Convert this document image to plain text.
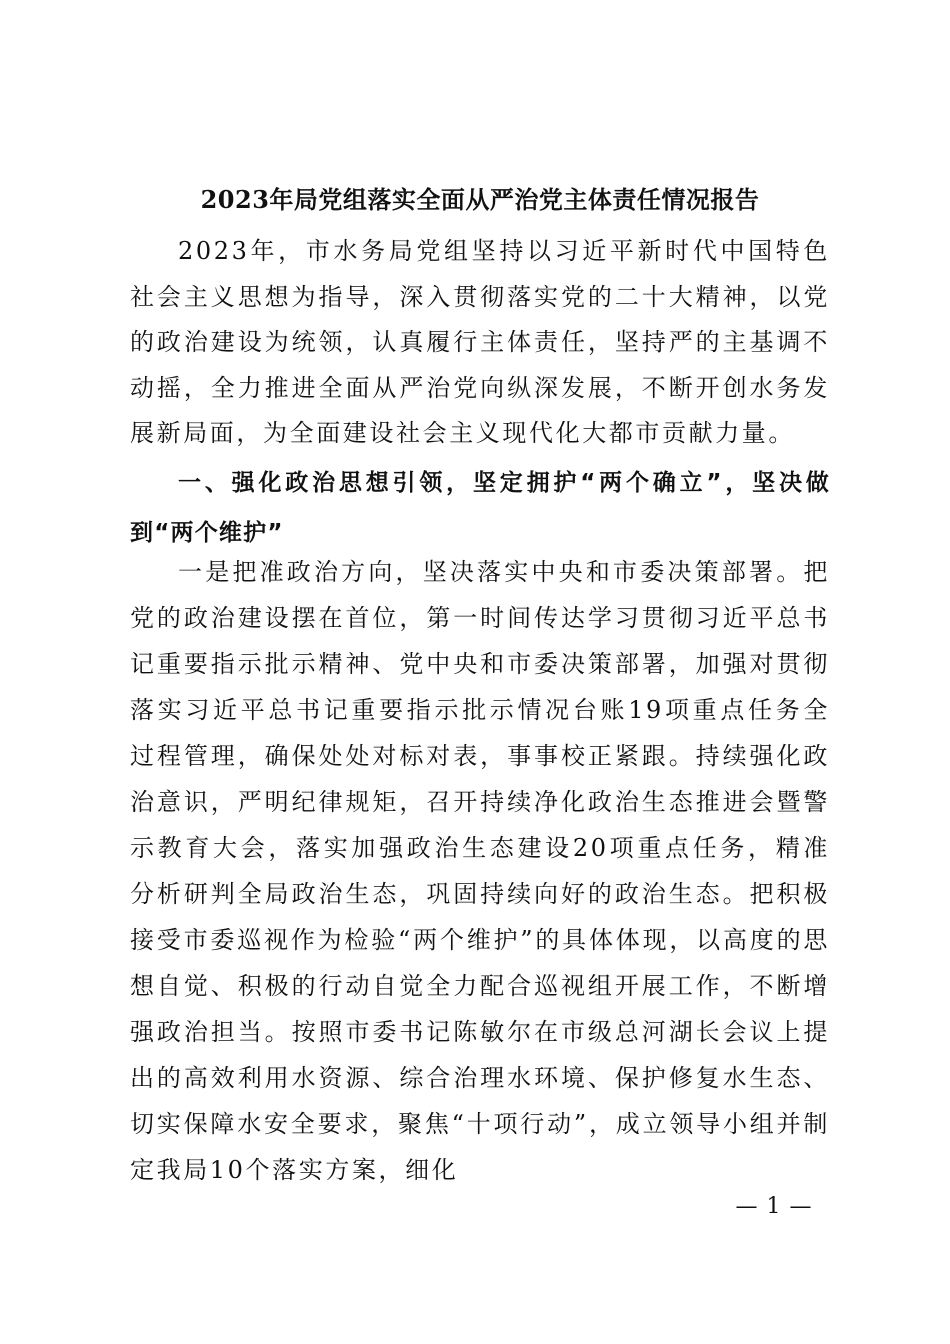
2023年局党组落实全面从严治党主体责任情况报告

2023年，市水务局党组坚持以习近平新时代中国特色社会主义思想为指导，深入贯彻落实党的二十大精神，以党的政治建设为统领，认真履行主体责任，坚持严的主基调不动摇，全力推进全面从严治党向纵深发展，不断开创水务发展新局面，为全面建设社会主义现代化大都市贡献力量。

一、强化政治思想引领，坚定拥护“两个确立”，坚决做到“两个维护”

一是把准政治方向，坚决落实中央和市委决策部署。把党的政治建设摆在首位，第一时间传达学习贯彻习近平总书记重要指示批示精神、党中央和市委决策部署，加强对贯彻落实习近平总书记重要指示批示情况台账19项重点任务全过程管理，确保处处对标对表，事事校正紧跟。持续强化政治意识，严明纪律规矩，召开持续净化政治生态推进会暨警示教育大会，落实加强政治生态建设20项重点任务，精准分析研判全局政治生态，巩固持续向好的政治生态。把积极接受市委巡视作为检验“两个维护”的具体体现，以高度的思想自觉、积极的行动自觉全力配合巡视组开展工作，不断增强政治担当。按照市委书记陈敏尔在市级总河湖长会议上提出的高效利用水资源、综合治理水环境、保护修复水生态、切实保障水安全要求，聚焦“十项行动”，成立领导小组并制定我局10个落实方案，细化

— 1 —
